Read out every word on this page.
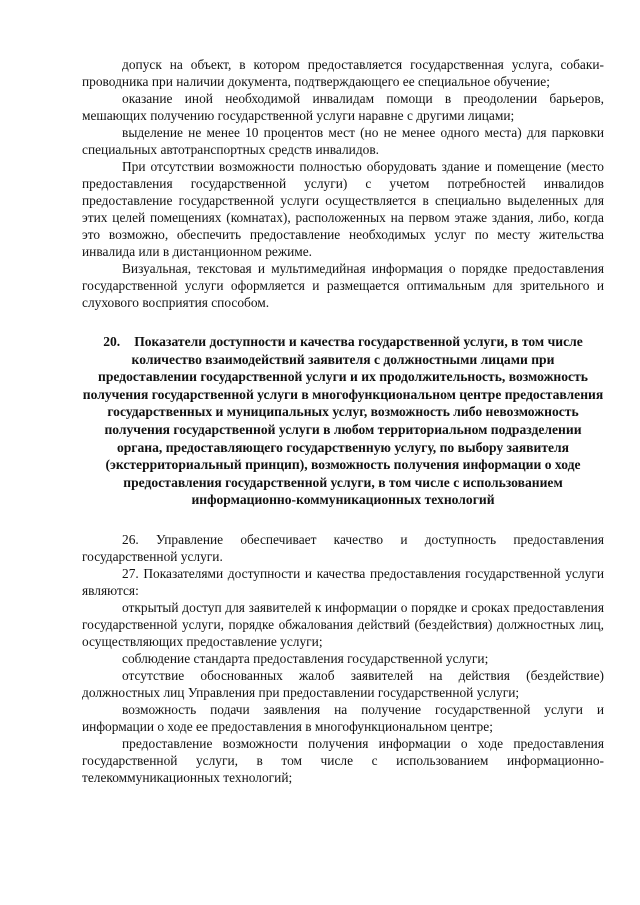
допуск на объект, в котором предоставляется государственная услуга, собаки-проводника при наличии документа, подтверждающего ее специальное обучение;

оказание иной необходимой инвалидам помощи в преодолении барьеров, мешающих получению государственной услуги наравне с другими лицами;

выделение не менее 10 процентов мест (но не менее одного места) для парковки специальных автотранспортных средств инвалидов.

При отсутствии возможности полностью оборудовать здание и помещение (место предоставления государственной услуги) с учетом потребностей инвалидов предоставление государственной услуги осуществляется в специально выделенных для этих целей помещениях (комнатах), расположенных на первом этаже здания, либо, когда это возможно, обеспечить предоставление необходимых услуг по месту жительства инвалида или в дистанционном режиме.

Визуальная, текстовая и мультимедийная информация о порядке предоставления государственной услуги оформляется и размещается оптимальным для зрительного и слухового восприятия способом.

20. Показатели доступности и качества государственной услуги, в том числе количество взаимодействий заявителя с должностными лицами при предоставлении государственной услуги и их продолжительность, возможность получения государственной услуги в многофункциональном центре предоставления государственных и муниципальных услуг, возможность либо невозможность получения государственной услуги в любом территориальном подразделении органа, предоставляющего государственную услугу, по выбору заявителя (экстерриториальный принцип), возможность получения информации о ходе предоставления государственной услуги, в том числе с использованием информационно-коммуникационных технологий

26. Управление обеспечивает качество и доступность предоставления государственной услуги.

27. Показателями доступности и качества предоставления государственной услуги являются:

открытый доступ для заявителей к информации о порядке и сроках предоставления государственной услуги, порядке обжалования действий (бездействия) должностных лиц, осуществляющих предоставление услуги;

соблюдение стандарта предоставления государственной услуги;

отсутствие обоснованных жалоб заявителей на действия (бездействие) должностных лиц Управления при предоставлении государственной услуги;

возможность подачи заявления на получение государственной услуги и информации о ходе ее предоставления в многофункциональном центре;

предоставление возможности получения информации о ходе предоставления государственной услуги, в том числе с использованием информационно-телекоммуникационных технологий;
